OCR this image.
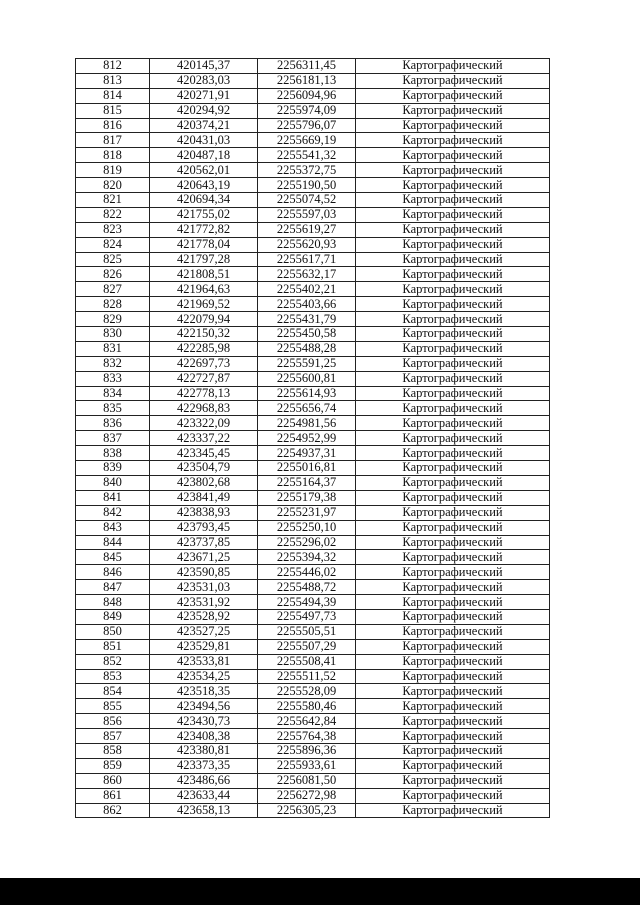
812	420145,37	2256311,45	Картографический
813	420283,03	2256181,13	Картографический
814	420271,91	2256094,96	Картографический
815	420294,92	2255974,09	Картографический
816	420374,21	2255796,07	Картографический
817	420431,03	2255669,19	Картографический
818	420487,18	2255541,32	Картографический
819	420562,01	2255372,75	Картографический
820	420643,19	2255190,50	Картографический
821	420694,34	2255074,52	Картографический
822	421755,02	2255597,03	Картографический
823	421772,82	2255619,27	Картографический
824	421778,04	2255620,93	Картографический
825	421797,28	2255617,71	Картографический
826	421808,51	2255632,17	Картографический
827	421964,63	2255402,21	Картографический
828	421969,52	2255403,66	Картографический
829	422079,94	2255431,79	Картографический
830	422150,32	2255450,58	Картографический
831	422285,98	2255488,28	Картографический
832	422697,73	2255591,25	Картографический
833	422727,87	2255600,81	Картографический
834	422778,13	2255614,93	Картографический
835	422968,83	2255656,74	Картографический
836	423322,09	2254981,56	Картографический
837	423337,22	2254952,99	Картографический
838	423345,45	2254937,31	Картографический
839	423504,79	2255016,81	Картографический
840	423802,68	2255164,37	Картографический
841	423841,49	2255179,38	Картографический
842	423838,93	2255231,97	Картографический
843	423793,45	2255250,10	Картографический
844	423737,85	2255296,02	Картографический
845	423671,25	2255394,32	Картографический
846	423590,85	2255446,02	Картографический
847	423531,03	2255488,72	Картографический
848	423531,92	2255494,39	Картографический
849	423528,92	2255497,73	Картографический
850	423527,25	2255505,51	Картографический
851	423529,81	2255507,29	Картографический
852	423533,81	2255508,41	Картографический
853	423534,25	2255511,52	Картографический
854	423518,35	2255528,09	Картографический
855	423494,56	2255580,46	Картографический
856	423430,73	2255642,84	Картографический
857	423408,38	2255764,38	Картографический
858	423380,81	2255896,36	Картографический
859	423373,35	2255933,61	Картографический
860	423486,66	2256081,50	Картографический
861	423633,44	2256272,98	Картографический
862	423658,13	2256305,23	Картографический
